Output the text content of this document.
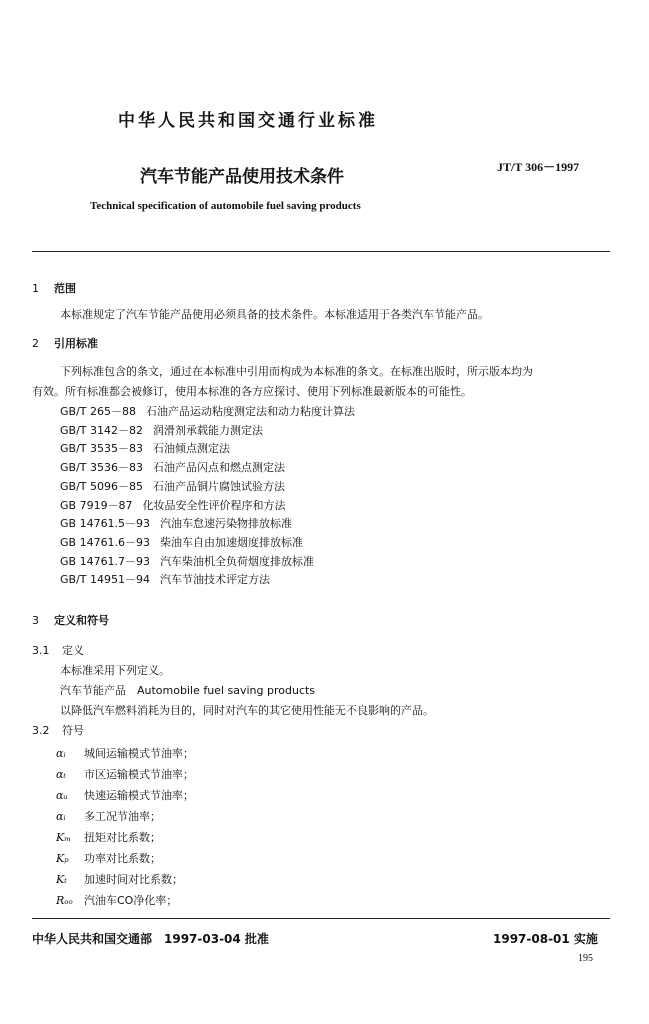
中华人民共和国交通行业标准
汽车节能产品使用技术条件	JT/T 306－1997
Technical specification of automobile fuel saving products
1 范围
本标准规定了汽车节能产品使用必须具备的技术条件。本标准适用于各类汽车节能产品。
2 引用标准
下列标准包含的条文，通过在本标准中引用而构成为本标准的条文。在标准出版时，所示版本均为
有效。所有标准都会被修订，使用本标准的各方应探讨、使用下列标准最新版本的可能性。
GB/T 265－88 石油产品运动粘度测定法和动力粘度计算法
GB/T 3142－82 润滑剂承载能力测定法
GB/T 3535－83 石油倾点测定法
GB/T 3536－83 石油产品闪点和燃点测定法
GB/T 5096－85 石油产品铜片腐蚀试验方法
GB 7919－87 化妆品安全性评价程序和方法
GB 14761.5－93 汽油车怠速污染物排放标准
GB 14761.6－93 柴油车自由加速烟度排放标准
GB 14761.7－93 汽车柴油机全负荷烟度排放标准
GB/T 14951－94 汽车节油技术评定方法
3 定义和符号
3.1 定义
本标准采用下列定义。
汽车节能产品　Automobile fuel saving products
以降低汽车燃料消耗为目的，同时对汽车的其它使用性能无不良影响的产品。
3.2 符号
αᵢ 城间运输模式节油率；
αₜ 市区运输模式节油率；
αᵤ 快速运输模式节油率；
αᵢ 多工况节油率；
Kₘ 扭矩对比系数；
Kₚ 功率对比系数；
Kₜ 加速时间对比系数；
Rₒₒ 汽油车CO净化率；
中华人民共和国交通部　1997-03-04 批准	1997-08-01 实施
195
